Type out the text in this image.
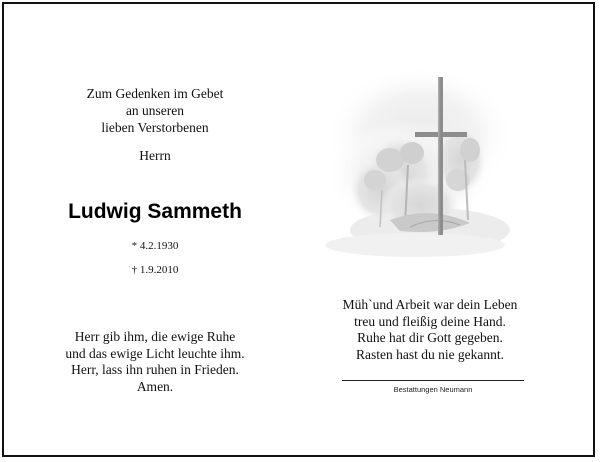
Zum Gedenken im Gebet
an unseren
lieben Verstorbenen
Herrn
Ludwig Sammeth
* 4.2.1930
† 1.9.2010
Herr gib ihm, die ewige Ruhe
und das ewige Licht leuchte ihm.
Herr, lass ihn ruhen in Frieden.
Amen.
Müh`und Arbeit war dein Leben
treu und fleißig deine Hand.
Ruhe hat dir Gott gegeben.
Rasten hast du nie gekannt.
Bestattungen Neumann
